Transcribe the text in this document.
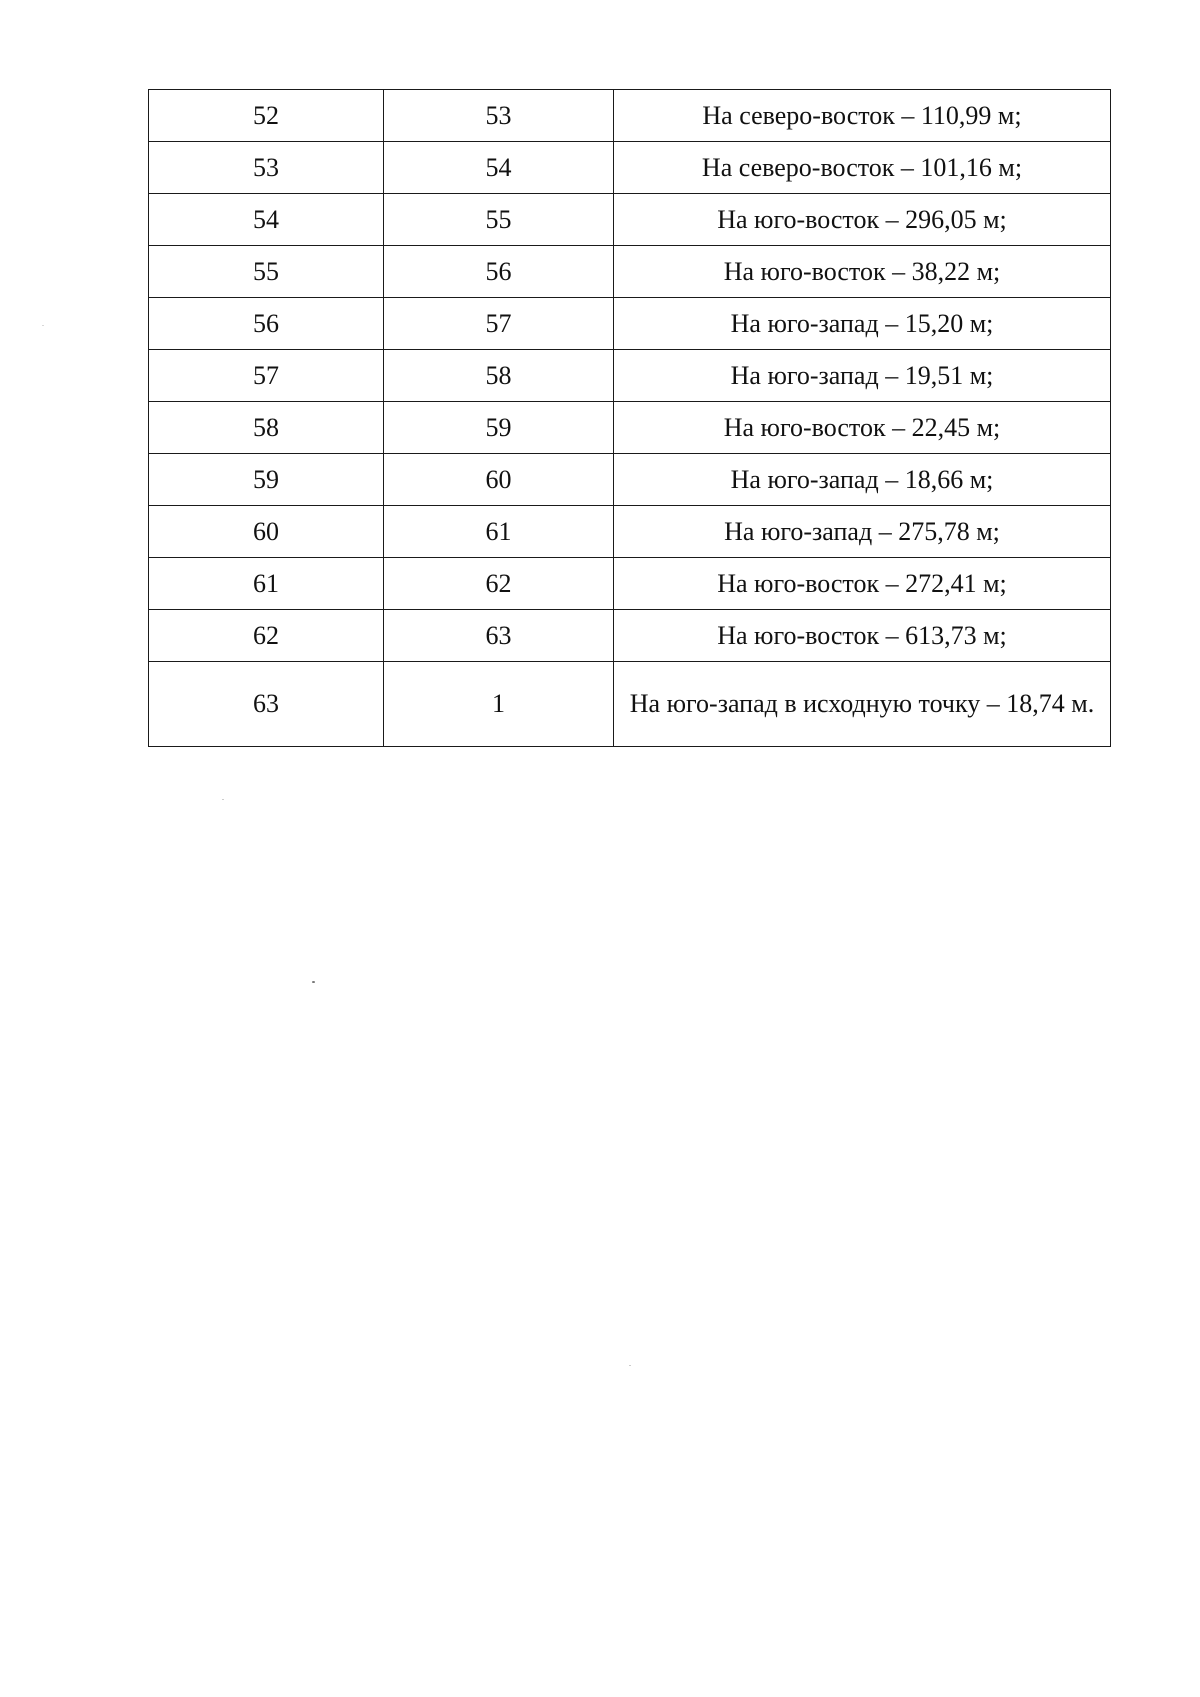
52	53	На северо-восток – 110,99 м;
53	54	На северо-восток – 101,16 м;
54	55	На юго-восток – 296,05 м;
55	56	На юго-восток – 38,22 м;
56	57	На юго-запад – 15,20 м;
57	58	На юго-запад – 19,51 м;
58	59	На юго-восток – 22,45 м;
59	60	На юго-запад – 18,66 м;
60	61	На юго-запад – 275,78 м;
61	62	На юго-восток – 272,41 м;
62	63	На юго-восток – 613,73 м;
63	1	На юго-запад в исходную точку – 18,74 м.
